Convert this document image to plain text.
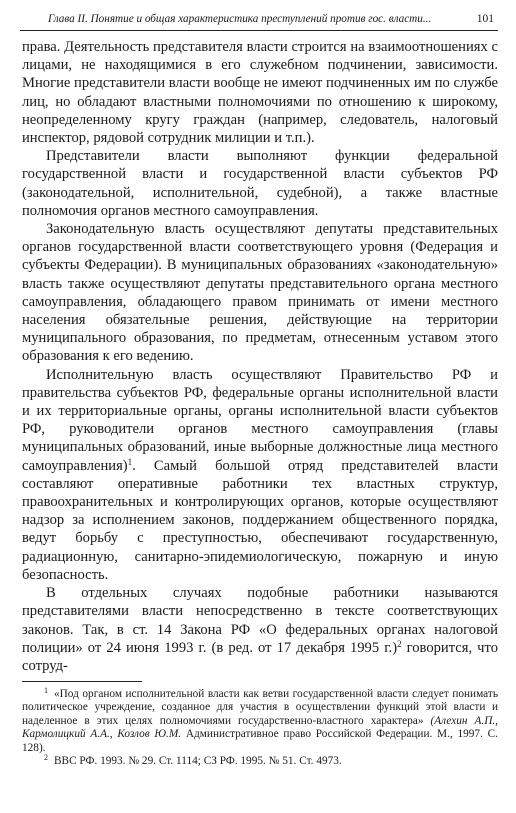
Глава II. Понятие и общая характеристика преступлений против гос. власти...	101

права. Деятельность представителя власти строится на взаимоотношениях с лицами, не находящимися в его служебном подчинении, зависимости. Многие представители власти вообще не имеют подчиненных им по службе лиц, но обладают властными полномочиями по отношению к широкому, неопределенному кругу граждан (например, следователь, налоговый инспектор, рядовой сотрудник милиции и т.п.).

Представители власти выполняют функции федеральной государственной власти и государственной власти субъектов РФ (законодательной, исполнительной, судебной), а также властные полномочия органов местного самоуправления.

Законодательную власть осуществляют депутаты представительных органов государственной власти соответствующего уровня (Федерация и субъекты Федерации). В муниципальных образованиях «законодательную» власть также осуществляют депутаты представительного органа местного самоуправления, обладающего правом принимать от имени местного населения обязательные решения, действующие на территории муниципального образования, по предметам, отнесенным уставом этого образования к его ведению.

Исполнительную власть осуществляют Правительство РФ и правительства субъектов РФ, федеральные органы исполнительной власти и их территориальные органы, органы исполнительной власти субъектов РФ, руководители органов местного самоуправления (главы муниципальных образований, иные выборные должностные лица местного самоуправления)$^1$. Самый большой отряд представителей власти составляют оперативные работники тех властных структур, правоохранительных и контролирующих органов, которые осуществляют надзор за исполнением законов, поддержанием общественного порядка, ведут борьбу с преступностью, обеспечивают государственную, радиационную, санитарно-эпидемиологическую, пожарную и иную безопасность.

В отдельных случаях подобные работники называются представителями власти непосредственно в тексте соответствующих законов. Так, в ст. 14 Закона РФ «О федеральных органах налоговой полиции» от 24 июня 1993 г. (в ред. от 17 декабря 1995 г.)$^2$ говорится, что сотруд-

$^1$ «Под органом исполнительной власти как ветви государственной власти следует понимать политическое учреждение, созданное для участия в осуществлении функций этой власти и наделенное в этих целях полномочиями государственно-властного характера» (Алехин А.П., Кармолицкий А.А., Козлов Ю.М. Административное право Российской Федерации. М., 1997. С. 128).

$^2$ ВВС РФ. 1993. № 29. Ст. 1114; СЗ РФ. 1995. № 51. Ст. 4973.
